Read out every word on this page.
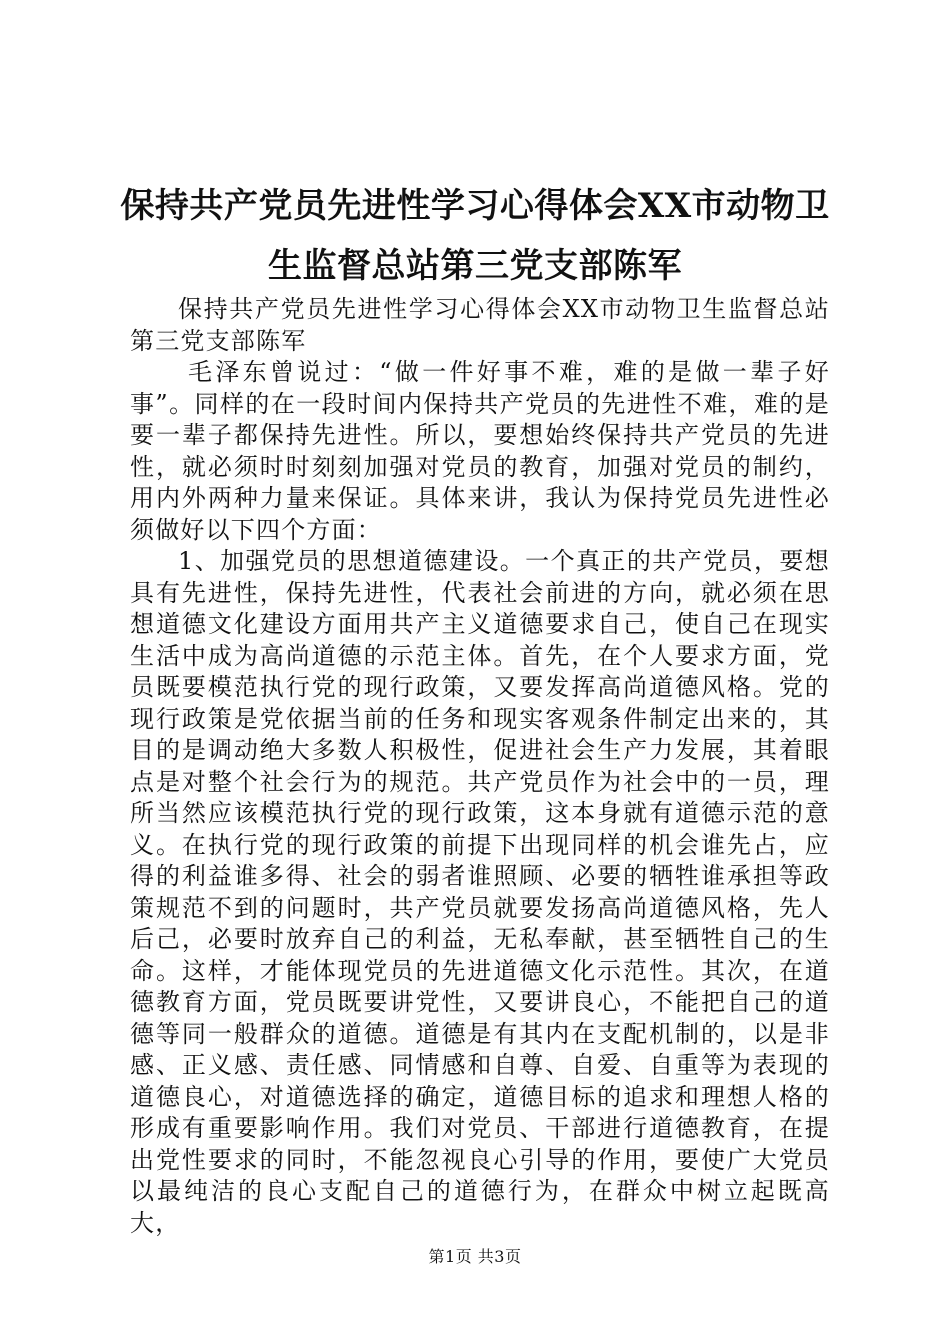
保持共产党员先进性学习心得体会XX市动物卫生监督总站第三党支部陈军

保持共产党员先进性学习心得体会XX市动物卫生监督总站第三党支部陈军

毛泽东曾说过：“做一件好事不难，难的是做一辈子好事”。同样的在一段时间内保持共产党员的先进性不难，难的是要一辈子都保持先进性。所以，要想始终保持共产党员的先进性，就必须时时刻刻加强对党员的教育，加强对党员的制约，用内外两种力量来保证。具体来讲，我认为保持党员先进性必须做好以下四个方面：

1、加强党员的思想道德建设。一个真正的共产党员，要想具有先进性，保持先进性，代表社会前进的方向，就必须在思想道德文化建设方面用共产主义道德要求自己，使自己在现实生活中成为高尚道德的示范主体。首先，在个人要求方面，党员既要模范执行党的现行政策，又要发挥高尚道德风格。党的现行政策是党依据当前的任务和现实客观条件制定出来的，其目的是调动绝大多数人积极性，促进社会生产力发展，其着眼点是对整个社会行为的规范。共产党员作为社会中的一员，理所当然应该模范执行党的现行政策，这本身就有道德示范的意义。在执行党的现行政策的前提下出现同样的机会谁先占，应得的利益谁多得、社会的弱者谁照顾、必要的牺牲谁承担等政策规范不到的问题时，共产党员就要发扬高尚道德风格，先人后己，必要时放弃自己的利益，无私奉献，甚至牺牲自己的生命。这样，才能体现党员的先进道德文化示范性。其次，在道德教育方面，党员既要讲党性，又要讲良心，不能把自己的道德等同一般群众的道德。道德是有其内在支配机制的，以是非感、正义感、责任感、同情感和自尊、自爱、自重等为表现的道德良心，对道德选择的确定，道德目标的追求和理想人格的形成有重要影响作用。我们对党员、干部进行道德教育，在提出党性要求的同时，不能忽视良心引导的作用，要使广大党员以最纯洁的良心支配自己的道德行为，在群众中树立起既高大，

第1页 共3页
